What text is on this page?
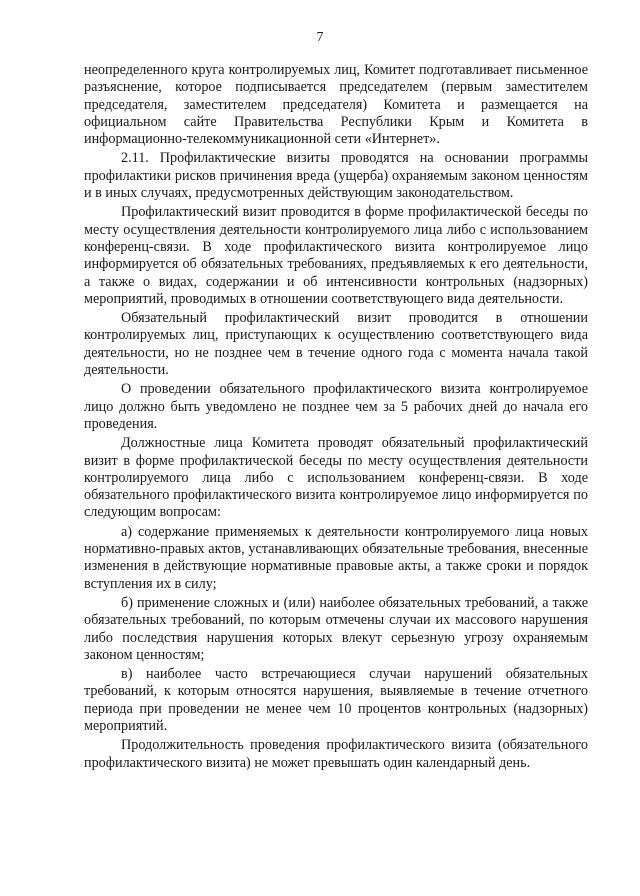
7

неопределенного круга контролируемых лиц, Комитет подготавливает письменное разъяснение, которое подписывается председателем (первым заместителем председателя, заместителем председателя) Комитета и размещается на официальном сайте Правительства Республики Крым и Комитета в информационно-телекоммуникационной сети «Интернет».

2.11. Профилактические визиты проводятся на основании программы профилактики рисков причинения вреда (ущерба) охраняемым законом ценностям и в иных случаях, предусмотренных действующим законодательством.

Профилактический визит проводится в форме профилактической беседы по месту осуществления деятельности контролируемого лица либо с использованием конференц-связи. В ходе профилактического визита контролируемое лицо информируется об обязательных требованиях, предъявляемых к его деятельности, а также о видах, содержании и об интенсивности контрольных (надзорных) мероприятий, проводимых в отношении соответствующего вида деятельности.

Обязательный профилактический визит проводится в отношении контролируемых лиц, приступающих к осуществлению соответствующего вида деятельности, но не позднее чем в течение одного года с момента начала такой деятельности.

О проведении обязательного профилактического визита контролируемое лицо должно быть уведомлено не позднее чем за 5 рабочих дней до начала его проведения.

Должностные лица Комитета проводят обязательный профилактический визит в форме профилактической беседы по месту осуществления деятельности контролируемого лица либо с использованием конференц-связи. В ходе обязательного профилактического визита контролируемое лицо информируется по следующим вопросам:

а) содержание применяемых к деятельности контролируемого лица новых нормативно-правых актов, устанавливающих обязательные требования, внесенные изменения в действующие нормативные правовые акты, а также сроки и порядок вступления их в силу;

б) применение сложных и (или) наиболее обязательных требований, а также обязательных требований, по которым отмечены случаи их массового нарушения либо последствия нарушения которых влекут серьезную угрозу охраняемым законом ценностям;

в) наиболее часто встречающиеся случаи нарушений обязательных требований, к которым относятся нарушения, выявляемые в течение отчетного периода при проведении не менее чем 10 процентов контрольных (надзорных) мероприятий.

Продолжительность проведения профилактического визита (обязательного профилактического визита) не может превышать один календарный день.
